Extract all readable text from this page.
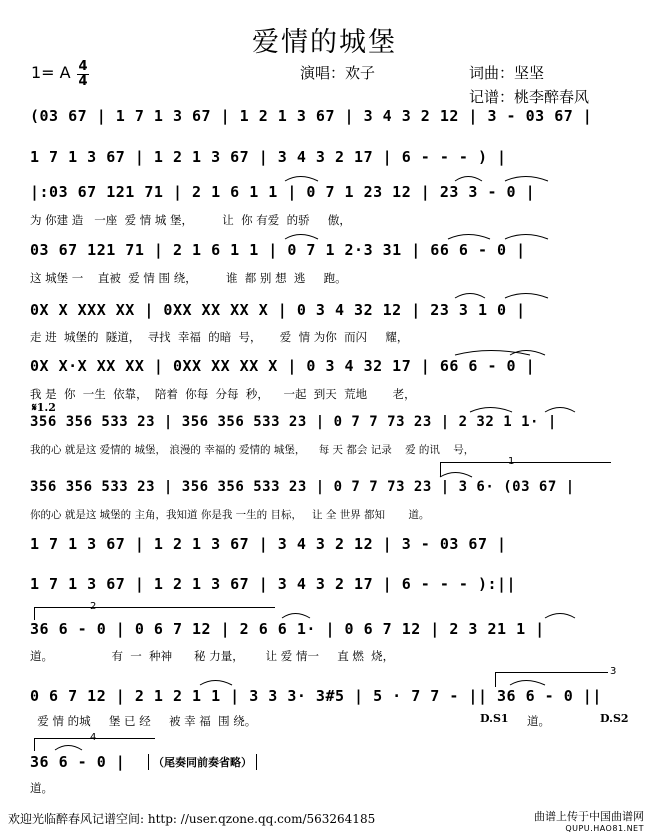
爱情的城堡
1= A 4
4	演唱：欢子	词曲：坚坚
记谱：桃李醉春风
(03 67 | 1 7 1 3 67 | 1 2 1 3 67 | 3 4 3 2 12 | 3 - 03 67 |
1 7 1 3 67 | 1 2 1 3 67 | 3 4 3 2 17 | 6 - - - ) |
|:03 67 121 71 | 2 1 6 1 1 | 0 7 1 23 12 | 23 3 - 0 |
为 你建 造   一座  爱 情 城 堡，        让  你 有爱  的骄     傲，
03 67 121 71 | 2 1 6 1 1 | 0 7 1 2·3 31 | 66 6 - 0 |
这 城堡 一    直被  爱 情 围 绕，        谁  都 别 想  逃     跑。
0X X XXX XX | 0XX XX XX X | 0 3 4 32 12 | 23 3 1 0 |
走 进  城堡的  隧道，  寻找  幸福  的暗  号，     爱  情 为你  而闪     耀，
0X X·X XX XX | 0XX XX XX X | 0 3 4 32 17 | 66 6 - 0 |
我 是  你  一生  依靠，  陪着  你每  分每  秒，    一起  到天  荒地       老，
𝄋1.2
356 356 533 23 | 356 356 533 23 | 0 7 7 73 23 | 2 32 1 1· |
我的心 就是这 爱情的 城堡， 浪漫的 幸福的 爱情的 城堡，    每 天 都会 记录    爱 的讯    号，
1
356 356 533 23 | 356 356 533 23 | 0 7 7 73 23 | 3 6· (03 67 |
你的心 就是这 城堡的 主角，我知道 你是我 一生的 目标，   让 全 世界 都知       道。
1 7 1 3 67 | 1 2 1 3 67 | 3 4 3 2 12 | 3 - 03 67 |
1 7 1 3 67 | 1 2 1 3 67 | 3 4 3 2 17 | 6 - - - ):||
2
36 6 - 0 | 0 6 7 12 | 2 6 6 1· | 0 6 7 12 | 2 3 21 1 |
道。                有  一  种神      秘 力量，      让 爱 情一     直 燃  烧，
3
0 6 7 12 | 2 1 2 1 1 | 3 3 3· 3#5 | 5 · 7 7 - || 36 6 - 0 ||
爱 情 的城     堡 已 经     被 幸 福  围 绕。	D.S1 道。	D.S2
4
36 6 - 0 |
道。
（尾奏同前奏省略）
欢迎光临醉春风记谱空间: http: //user.qzone.qq.com/563264185	曲谱上传于中国曲谱网
QUPU.HAO81.NET
